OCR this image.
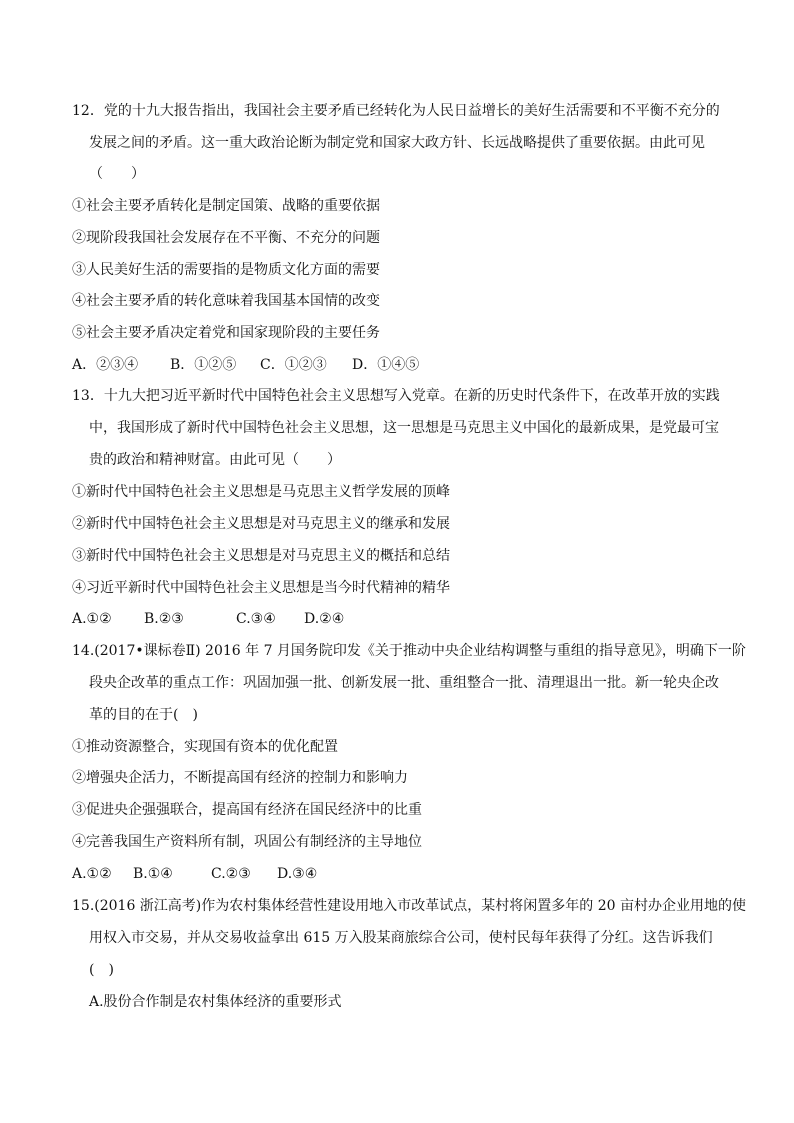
12．党的十九大报告指出，我国社会主要矛盾已经转化为人民日益增长的美好生活需要和不平衡不充分的
发展之间的矛盾。这一重大政治论断为制定党和国家大政方针、长远战略提供了重要依据。由此可见
（　　）
①社会主要矛盾转化是制定国策、战略的重要依据
②现阶段我国社会发展存在不平衡、不充分的问题
③人民美好生活的需要指的是物质文化方面的需要
④社会主要矛盾的转化意味着我国基本国情的改变
⑤社会主要矛盾决定着党和国家现阶段的主要任务
A．②③④ B．①②⑤ C．①②③ D．①④⑤
13．十九大把习近平新时代中国特色社会主义思想写入党章。在新的历史时代条件下，在改革开放的实践
中，我国形成了新时代中国特色社会主义思想，这一思想是马克思主义中国化的最新成果，是党最可宝
贵的政治和精神财富。由此可见（　　）
①新时代中国特色社会主义思想是马克思主义哲学发展的顶峰
②新时代中国特色社会主义思想是对马克思主义的继承和发展
③新时代中国特色社会主义思想是对马克思主义的概括和总结
④习近平新时代中国特色社会主义思想是当今时代精神的精华
A.①② B.②③	C.③④ D.②④
14.(2017•课标卷Ⅱ) 2016 年 7 月国务院印发《关于推动中央企业结构调整与重组的指导意见》，明确下一阶
段央企改革的重点工作：巩固加强一批、创新发展一批、重组整合一批、清理退出一批。新一轮央企改
革的目的在于(　)
①推动资源整合，实现国有资本的优化配置
②增强央企活力，不断提高国有经济的控制力和影响力
③促进央企强强联合，提高国有经济在国民经济中的比重
④完善我国生产资料所有制，巩固公有制经济的主导地位
A.①② B.①④	C.②③ D.③④
15.(2016 浙江高考)作为农村集体经营性建设用地入市改革试点，某村将闲置多年的 20 亩村办企业用地的使
用权入市交易，并从交易收益拿出 615 万入股某商旅综合公司，使村民每年获得了分红。这告诉我们
(　)
A.股份合作制是农村集体经济的重要形式
